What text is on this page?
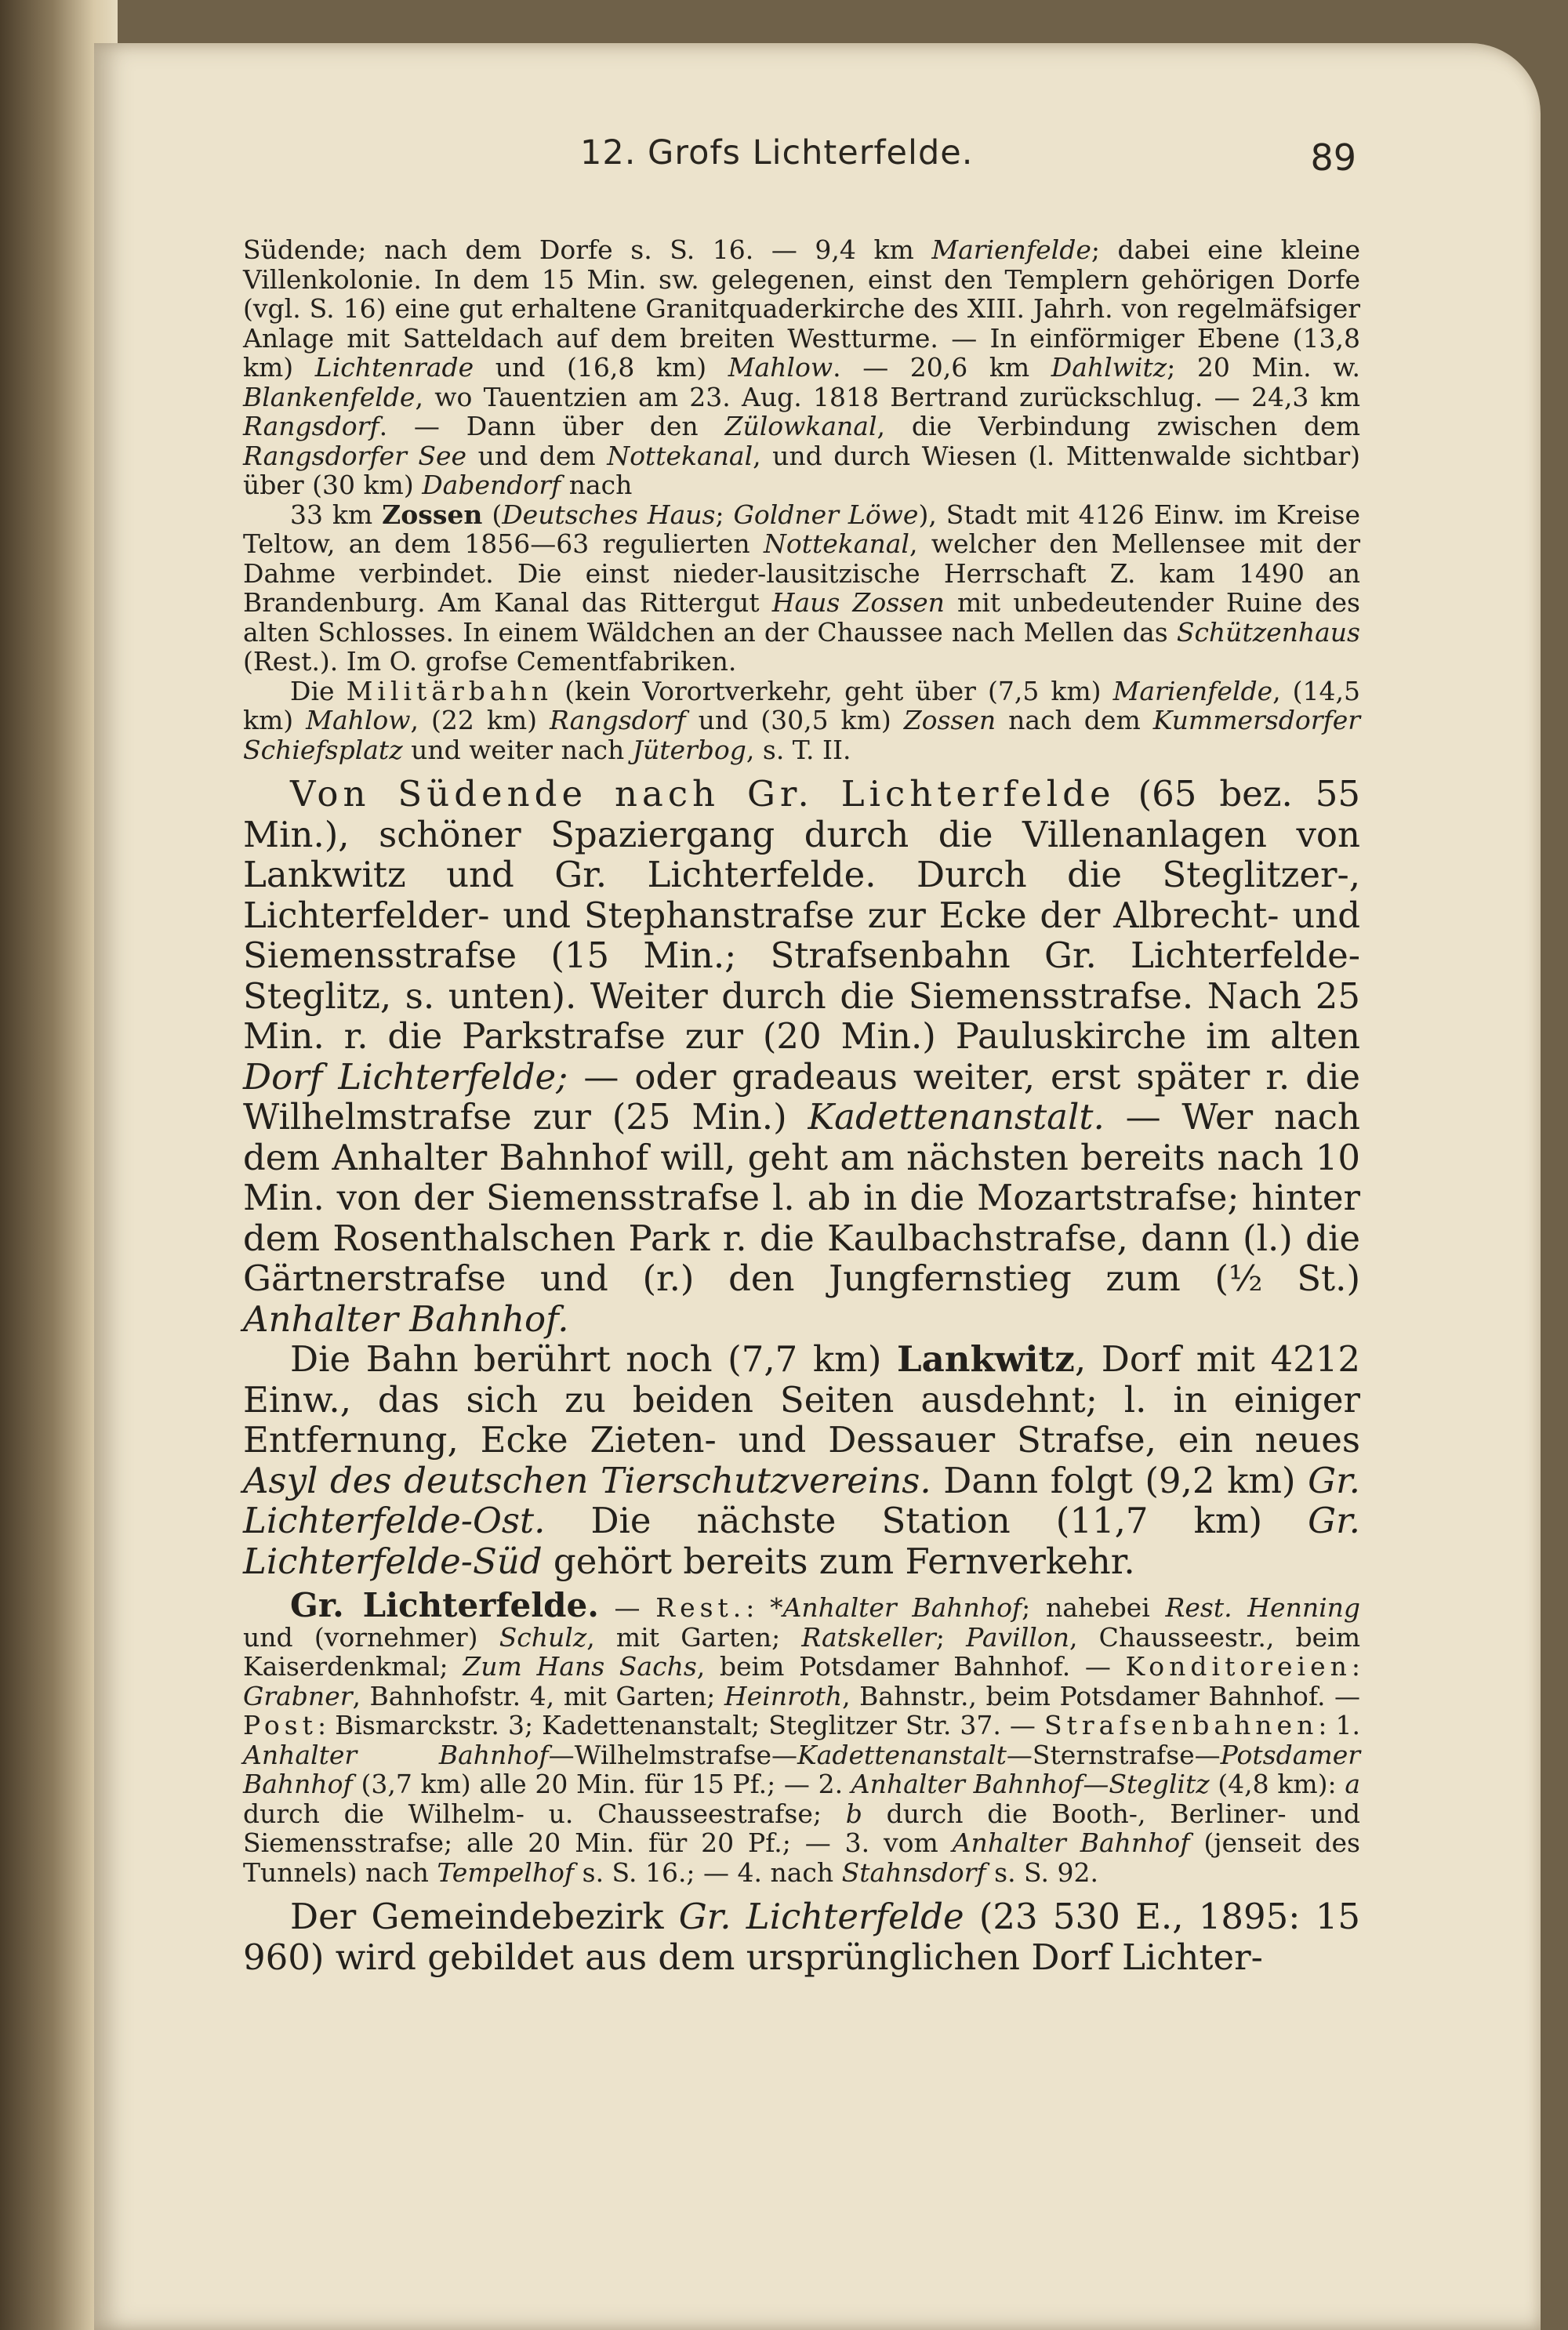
12. Grofs Lichterfelde.	89

Südende; nach dem Dorfe s. S. 16. — 9,4 km Marienfelde; dabei eine kleine Villenkolonie. In dem 15 Min. sw. gelegenen, einst den Templern gehörigen Dorfe (vgl. S. 16) eine gut erhaltene Granitquaderkirche des XIII. Jahrh. von regelmäfsiger Anlage mit Satteldach auf dem breiten Westturme. — In einförmiger Ebene (13,8 km) Lichtenrade und (16,8 km) Mahlow. — 20,6 km Dahlwitz; 20 Min. w. Blankenfelde, wo Tauentzien am 23. Aug. 1818 Bertrand zurückschlug. — 24,3 km Rangsdorf. — Dann über den Zülowkanal, die Verbindung zwischen dem Rangsdorfer See und dem Nottekanal, und durch Wiesen (l. Mittenwalde sichtbar) über (30 km) Dabendorf nach

33 km Zossen (Deutsches Haus; Goldner Löwe), Stadt mit 4126 Einw. im Kreise Teltow, an dem 1856—63 regulierten Nottekanal, welcher den Mellensee mit der Dahme verbindet. Die einst nieder-lausitzische Herrschaft Z. kam 1490 an Brandenburg. Am Kanal das Rittergut Haus Zossen mit unbedeutender Ruine des alten Schlosses. In einem Wäldchen an der Chaussee nach Mellen das Schützenhaus (Rest.). Im O. grofse Cementfabriken.

Die Militärbahn (kein Vorortverkehr, geht über (7,5 km) Marienfelde, (14,5 km) Mahlow, (22 km) Rangsdorf und (30,5 km) Zossen nach dem Kummersdorfer Schiefsplatz und weiter nach Jüterbog, s. T. II.

Von Südende nach Gr. Lichterfelde (65 bez. 55 Min.), schöner Spaziergang durch die Villenanlagen von Lankwitz und Gr. Lichterfelde. Durch die Steglitzer-, Lichterfelder- und Stephanstrafse zur Ecke der Albrecht- und Siemensstrafse (15 Min.; Strafsenbahn Gr. Lichterfelde-Steglitz, s. unten). Weiter durch die Siemensstrafse. Nach 25 Min. r. die Parkstrafse zur (20 Min.) Pauluskirche im alten Dorf Lichterfelde; — oder gradeaus weiter, erst später r. die Wilhelmstrafse zur (25 Min.) Kadettenanstalt. — Wer nach dem Anhalter Bahnhof will, geht am nächsten bereits nach 10 Min. von der Siemensstrafse l. ab in die Mozartstrafse; hinter dem Rosenthalschen Park r. die Kaulbachstrafse, dann (l.) die Gärtnerstrafse und (r.) den Jungfernstieg zum (½ St.) Anhalter Bahnhof.

Die Bahn berührt noch (7,7 km) Lankwitz, Dorf mit 4212 Einw., das sich zu beiden Seiten ausdehnt; l. in einiger Entfernung, Ecke Zieten- und Dessauer Strafse, ein neues Asyl des deutschen Tierschutzvereins. Dann folgt (9,2 km) Gr. Lichterfelde-Ost. Die nächste Station (11,7 km) Gr. Lichterfelde-Süd gehört bereits zum Fernverkehr.

Gr. Lichterfelde. — Rest.: *Anhalter Bahnhof; nahebei Rest. Henning und (vornehmer) Schulz, mit Garten; Ratskeller; Pavillon, Chausseestr., beim Kaiserdenkmal; Zum Hans Sachs, beim Potsdamer Bahnhof. — Konditoreien: Grabner, Bahnhofstr. 4, mit Garten; Heinroth, Bahnstr., beim Potsdamer Bahnhof. — Post: Bismarckstr. 3; Kadettenanstalt; Steglitzer Str. 37. — Strafsenbahnen: 1. Anhalter Bahnhof—Wilhelmstrafse—Kadettenanstalt—Sternstrafse—Potsdamer Bahnhof (3,7 km) alle 20 Min. für 15 Pf.; — 2. Anhalter Bahnhof—Steglitz (4,8 km): a durch die Wilhelm- u. Chausseestrafse; b durch die Booth-, Berliner- und Siemensstrafse; alle 20 Min. für 20 Pf.; — 3. vom Anhalter Bahnhof (jenseit des Tunnels) nach Tempelhof s. S. 16.; — 4. nach Stahnsdorf s. S. 92.

Der Gemeindebezirk Gr. Lichterfelde (23 530 E., 1895: 15 960) wird gebildet aus dem ursprünglichen Dorf Lichter-
